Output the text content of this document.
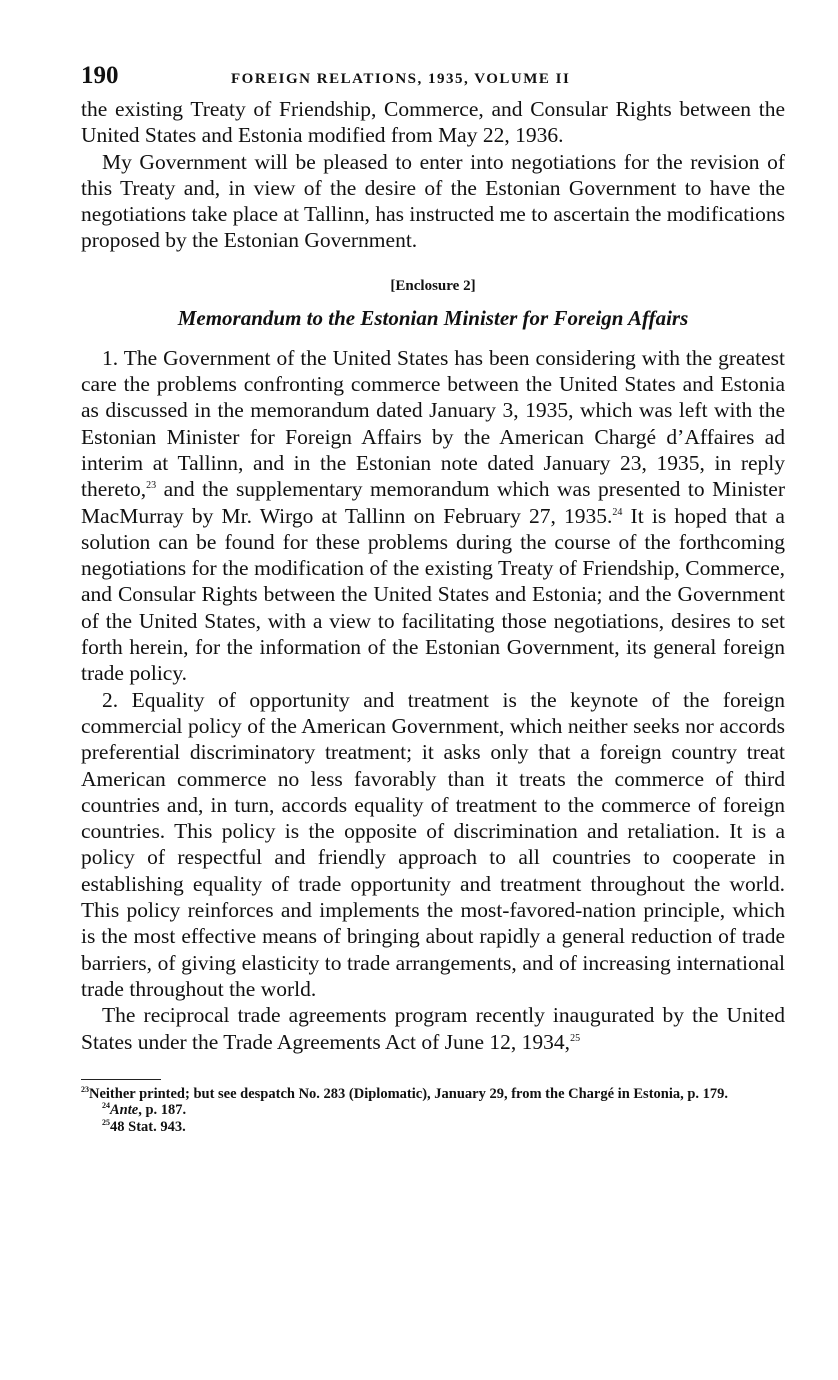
190	FOREIGN RELATIONS, 1935, VOLUME II

the existing Treaty of Friendship, Commerce, and Consular Rights between the United States and Estonia modified from May 22, 1936.

My Government will be pleased to enter into negotiations for the revision of this Treaty and, in view of the desire of the Estonian Government to have the negotiations take place at Tallinn, has instructed me to ascertain the modifications proposed by the Estonian Government.

[Enclosure 2]
Memorandum to the Estonian Minister for Foreign Affairs

1. The Government of the United States has been considering with the greatest care the problems confronting commerce between the United States and Estonia as discussed in the memorandum dated January 3, 1935, which was left with the Estonian Minister for Foreign Affairs by the American Chargé d’Affaires ad interim at Tallinn, and in the Estonian note dated January 23, 1935, in reply thereto,$^{23}$ and the supplementary memorandum which was presented to Minister MacMurray by Mr. Wirgo at Tallinn on February 27, 1935.24 It is hoped that a solution can be found for these problems during the course of the forthcoming negotiations for the modification of the existing Treaty of Friendship, Commerce, and Consular Rights between the United States and Estonia; and the Government of the United States, with a view to facilitating those negotiations, desires to set forth herein, for the information of the Estonian Government, its general foreign trade policy.

2. Equality of opportunity and treatment is the keynote of the foreign commercial policy of the American Government, which neither seeks nor accords preferential discriminatory treatment; it asks only that a foreign country treat American commerce no less favorably than it treats the commerce of third countries and, in turn, accords equality of treatment to the commerce of foreign countries. This policy is the opposite of discrimination and retaliation. It is a policy of respectful and friendly approach to all countries to cooperate in establishing equality of trade opportunity and treatment throughout the world. This policy reinforces and implements the most-favored-nation principle, which is the most effective means of bringing about rapidly a general reduction of trade barriers, of giving elasticity to trade arrangements, and of increasing international trade throughout the world.

The reciprocal trade agreements program recently inaugurated by the United States under the Trade Agreements Act of June 12, 1934,25

$^{23}$Neither printed; but see despatch No. 283 (Diplomatic), January 29, from the Chargé in Estonia, p. 179.

$^{24}$Ante, p. 187.

$^{25}$48 Stat. 943.
